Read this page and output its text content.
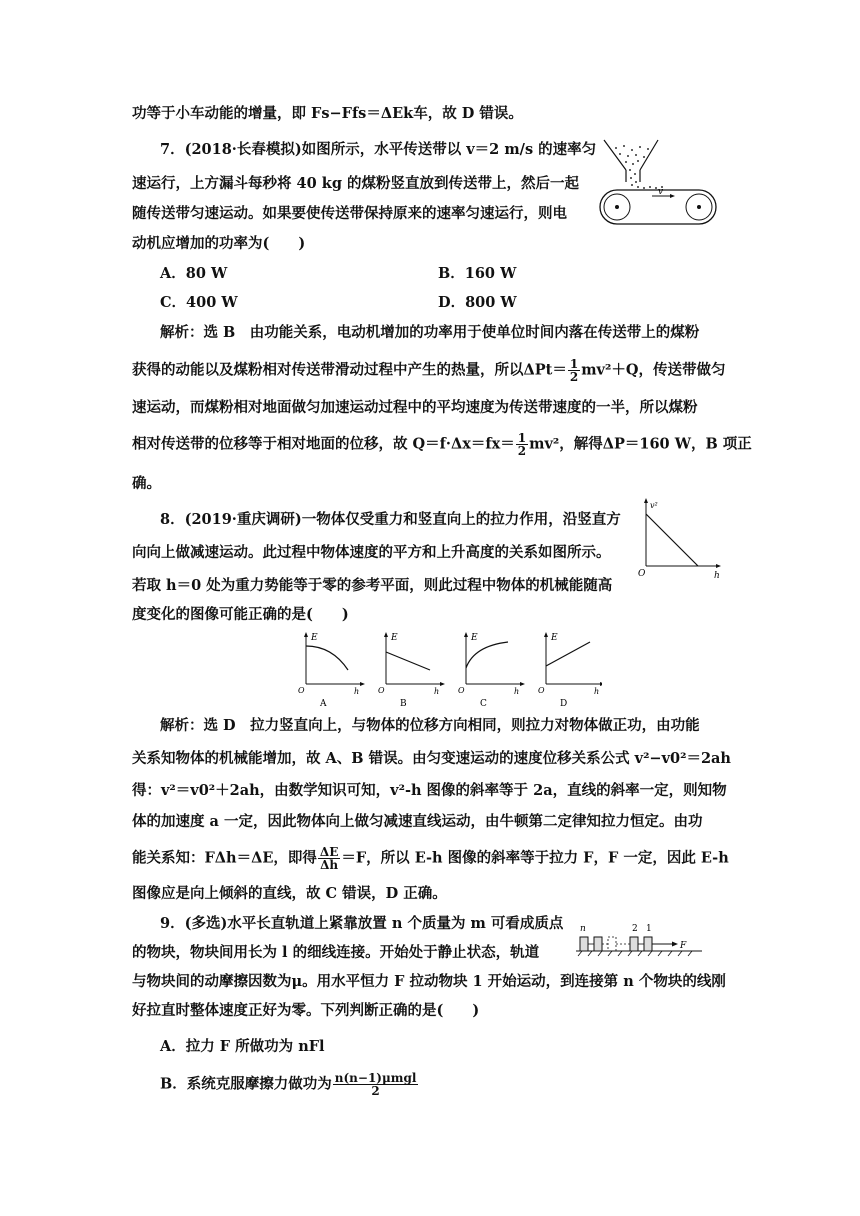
功等于小车动能的增量，即 Fs−Ffs＝ΔEk车，故 D 错误。
7．(2018·长春模拟)如图所示，水平传送带以 v＝2 m/s 的速率匀
速运行，上方漏斗每秒将 40 kg 的煤粉竖直放到传送带上，然后一起
随传送带匀速运动。如果要使传送带保持原来的速率匀速运行，则电
动机应增加的功率为(　　)
v
A．80 W	B．160 W
C．400 W	D．800 W
解析：选 B　由功能关系，电动机增加的功率用于使单位时间内落在传送带上的煤粉
获得的动能以及煤粉相对传送带滑动过程中产生的热量，所以$\Delta Pt= \frac{1}{2} mv^2+Q$，传送带做匀
速运动，而煤粉相对地面做匀加速运动过程中的平均速度为传送带速度的一半，所以煤粉
相对传送带的位移等于相对地面的位移，故 $Q=f\cdot\Delta x=fx= \frac{1}{2} mv^2$，解得ΔP＝160 W，B 项正
确。
8．(2019·重庆调研)一物体仅受重力和竖直向上的拉力作用，沿竖直方
向向上做减速运动。此过程中物体速度的平方和上升高度的关系如图所示。
若取 h＝0 处为重力势能等于零的参考平面，则此过程中物体的机械能随高
度变化的图像可能正确的是(　　)
v²
h
O
E
O	h
A
E
O	h
B
E
O	h
C
E
O	h
D
解析：选 D　拉力竖直向上，与物体的位移方向相同，则拉力对物体做正功，由功能
关系知物体的机械能增加，故 A、B 错误。由匀变速运动的速度位移关系公式 v²−v0²＝2ah
得：v²＝v0²＋2ah，由数学知识可知，v²-h 图像的斜率等于 2a，直线的斜率一定，则知物
体的加速度 a 一定，因此物体向上做匀减速直线运动，由牛顿第二定律知拉力恒定。由功
能关系知：FΔh＝ΔE，即得 $\frac{\Delta E}{\Delta h} =F$，所以 E-h 图像的斜率等于拉力 F，F 一定，因此 E-h
图像应是向上倾斜的直线，故 C 错误，D 正确。
9．(多选)水平长直轨道上紧靠放置 n 个质量为 m 可看成质点
的物块，物块间用长为 l 的细线连接。开始处于静止状态，轨道
与物块间的动摩擦因数为μ。用水平恒力 F 拉动物块 1 开始运动，到连接第 n 个物块的线刚
好拉直时整体速度正好为零。下列判断正确的是(　　)
n	2 1
F
A．拉力 F 所做功为 nFl
B．系统克服摩擦力做功为 $\frac{\text{n(n−1)μmgl}}{2}$
